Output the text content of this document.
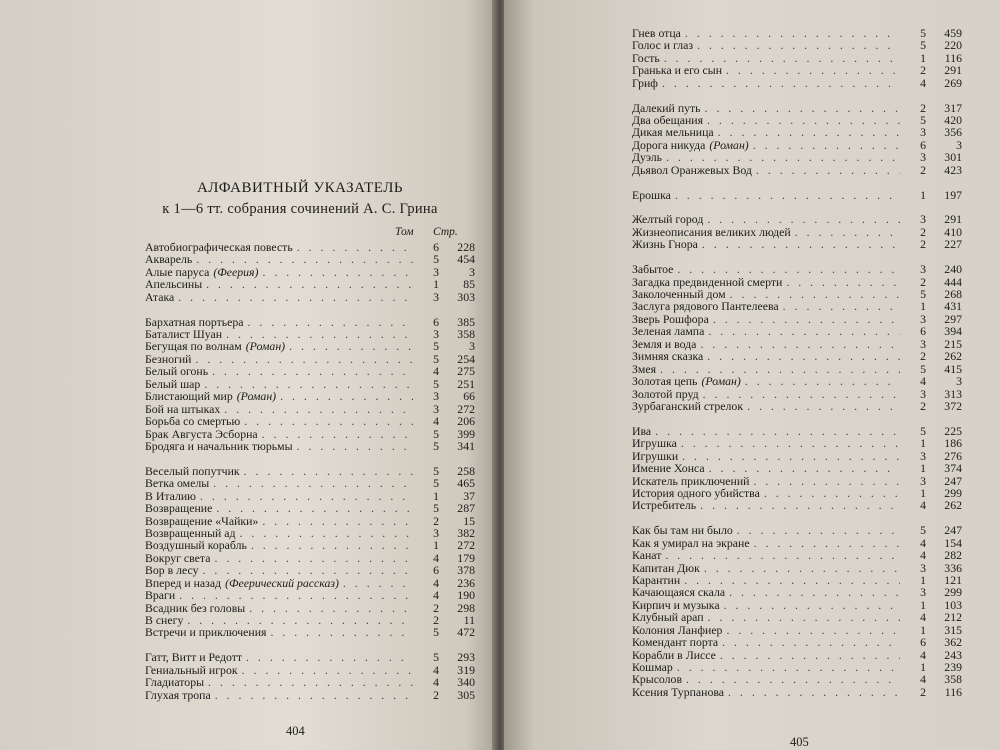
АЛФАВИТНЫЙ УКАЗАТЕЛЬ
к 1—6 тт. собрания сочинений А. С. Грина
Том Стр.
Автобиографическая повесть . . .	6	228
Акварель . . .	5	454
Алые паруса (Феерия) . . .	3	3
Апельсины . . .	1	85
Атака . . .	3	303
Бархатная портьера . . .	6	385
Баталист Шуан . . .	3	358
Бегущая по волнам (Роман) . . .	5	3
Безногий . . .	5	254
Белый огонь . . .	4	275
Белый шар . . .	5	251
Блистающий мир (Роман) . . .	3	66
Бой на штыках . . .	3	272
Борьба со смертью . . .	4	206
Брак Августа Эсборна . . .	5	399
Бродяга и начальник тюрьмы . . .	5	341
Веселый попутчик . . .	5	258
Ветка омелы . . .	5	465
В Италию . . .	1	37
Возвращение . . .	5	287
Возвращение «Чайки» . . .	2	15
Возвращенный ад . . .	3	382
Воздушный корабль . . .	1	272
Вокруг света . . .	4	179
Вор в лесу . . .	6	378
Вперед и назад (Феерический рассказ) . . .	4	236
Враги . . .	4	190
Всадник без головы . . .	2	298
В снегу . . .	2	11
Встречи и приключения . . .	5	472
Гатт, Витт и Редотт . . .	5	293
Гениальный игрок . . .	4	319
Гладиаторы . . .	4	340
Глухая тропа . . .	2	305
404
Гнев отца . . .	5	459
Голос и глаз . . .	5	220
Гость . . .	1	116
Гранька и его сын . . .	2	291
Гриф . . .	4	269
Далекий путь . . .	2	317
Два обещания . . .	5	420
Дикая мельница . . .	3	356
Дорога никуда (Роман) . . .	6	3
Дуэль . . .	3	301
Дьявол Оранжевых Вод . . .	2	423
Ерошка . . .	1	197
Желтый город . . .	3	291
Жизнеописания великих людей . . .	2	410
Жизнь Гнора . . .	2	227
Забытое . . .	3	240
Загадка предвиденной смерти . . .	2	444
Заколоченный дом . . .	5	268
Заслуга рядового Пантелеева . . .	1	431
Зверь Рошфора . . .	3	297
Зеленая лампа . . .	6	394
Земля и вода . . .	3	215
Зимняя сказка . . .	2	262
Змея . . .	5	415
Золотая цепь (Роман) . . .	4	3
Золотой пруд . . .	3	313
Зурбаганский стрелок . . .	2	372
Ива . . .	5	225
Игрушка . . .	1	186
Игрушки . . .	3	276
Имение Хонса . . .	1	374
Искатель приключений . . .	3	247
История одного убийства . . .	1	299
Истребитель . . .	4	262
Как бы там ни было . . .	5	247
Как я умирал на экране . . .	4	154
Канат . . .	4	282
Капитан Дюк . . .	3	336
Карантин . . .	1	121
Качающаяся скала . . .	3	299
Кирпич и музыка . . .	1	103
Клубный арап . . .	4	212
Колония Ланфиер . . .	1	315
Комендант порта . . .	6	362
Корабли в Лиссе . . .	4	243
Кошмар . . .	1	239
Крысолов . . .	4	358
Ксения Турпанова . . .	2	116
405
